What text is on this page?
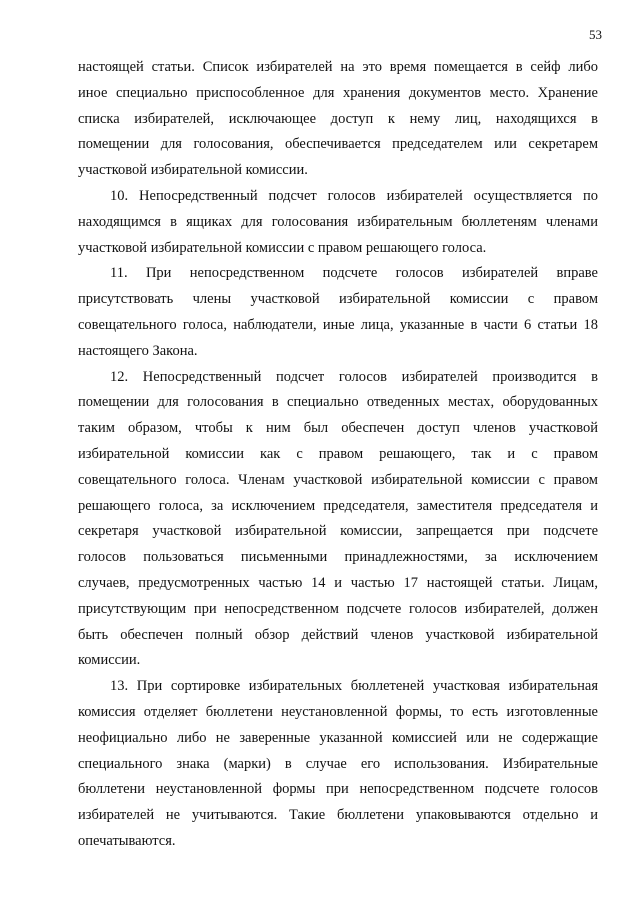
53
настоящей статьи. Список избирателей на это время помещается в сейф либо
иное специально приспособленное для хранения документов место. Хранение
списка избирателей, исключающее доступ к нему лиц, находящихся в
помещении для голосования, обеспечивается председателем или секретарем
участковой избирательной комиссии.
10. Непосредственный подсчет голосов избирателей осуществляется по
находящимся в ящиках для голосования избирательным бюллетеням членами
участковой избирательной комиссии с правом решающего голоса.
11. При непосредственном подсчете голосов избирателей вправе
присутствовать члены участковой избирательной комиссии с правом
совещательного голоса, наблюдатели, иные лица, указанные в части 6 статьи 18
настоящего Закона.
12. Непосредственный подсчет голосов избирателей производится в
помещении для голосования в специально отведенных местах, оборудованных
таким образом, чтобы к ним был обеспечен доступ членов участковой
избирательной комиссии как с правом решающего, так и с правом
совещательного голоса. Членам участковой избирательной комиссии с правом
решающего голоса, за исключением председателя, заместителя председателя и
секретаря участковой избирательной комиссии, запрещается при подсчете
голосов пользоваться письменными принадлежностями, за исключением
случаев, предусмотренных частью 14 и частью 17 настоящей статьи. Лицам,
присутствующим при непосредственном подсчете голосов избирателей, должен
быть обеспечен полный обзор действий членов участковой избирательной
комиссии.
13. При сортировке избирательных бюллетеней участковая избирательная
комиссия отделяет бюллетени неустановленной формы, то есть изготовленные
неофициально либо не заверенные указанной комиссией или не содержащие
специального знака (марки) в случае его использования. Избирательные
бюллетени неустановленной формы при непосредственном подсчете голосов
избирателей не учитываются. Такие бюллетени упаковываются отдельно и
опечатываются.
